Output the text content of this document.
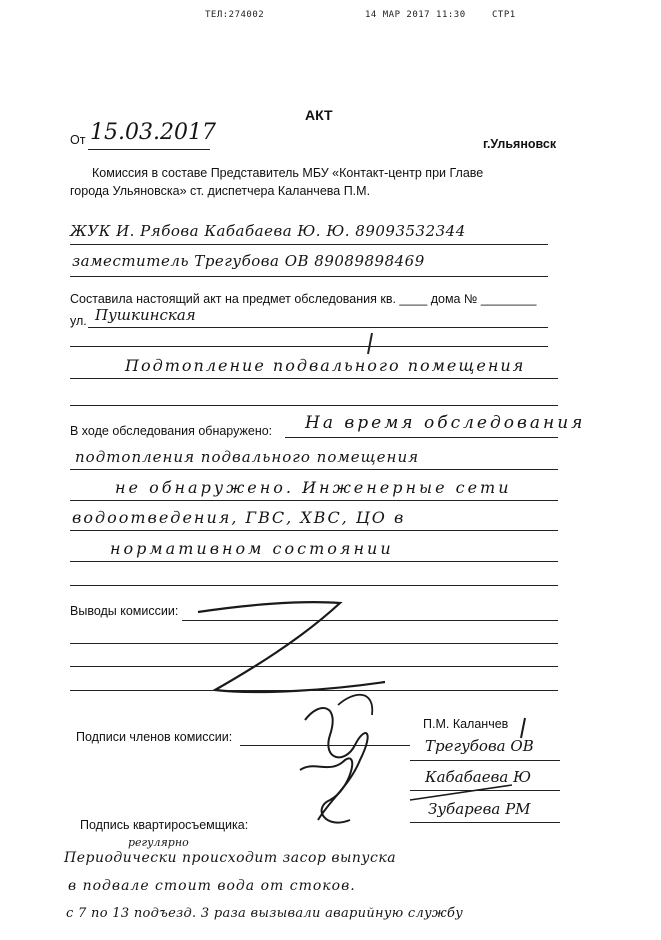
ТЕЛ:274002	14 МАР 2017 11:30	СТР1
АКТ
От 15.03.2017	г.Ульяновск
Комиссия в составе Представитель МБУ «Контакт-центр при Главе
города Ульяновска» ст. диспетчера Каланчева П.М.
ЖУК И. Рябова Кабабаева Ю. Ю. 89093532344
заместитель Трегубова ОВ 89089898469
Составила настоящий акт на предмет обследования кв. ____ дома № ________
ул. Пушкинская
Подтопление подвального помещения
В ходе обследования обнаружено: На время обследования
подтопления подвального помещения
не обнаружено. Инженерные сети
водоотведения, ГВС, ХВС, ЦО в
нормативном состоянии
Выводы комиссии:
Подписи членов комиссии:
П.М. Каланчев
Трегубова ОВ
Кабабаева Ю
Зубарева РМ
Подпись квартиросъемщика:
регулярно
Периодически происходит засор выпуска
в подвале стоит вода от стоков.
с 7 по 13 подъезд. 3 раза вызывали аварийную службу
